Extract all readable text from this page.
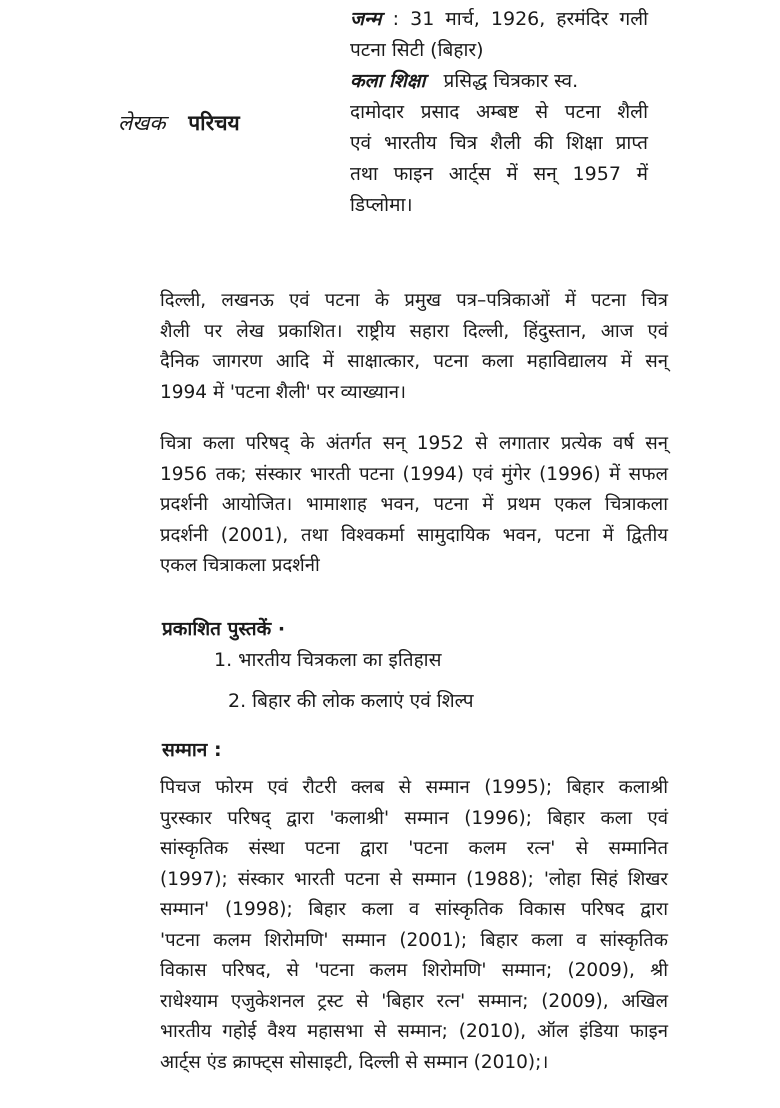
जन्म : 31 मार्च, 1926, हरमंदिर गली
पटना सिटी (बिहार)
कला शिक्षा प्रसिद्ध चित्रकार स्व.
दामोदार प्रसाद अम्बष्ट से पटना शैली
एवं भारतीय चित्र शैली की शिक्षा प्राप्त
तथा फाइन आर्ट्स में सन् 1957 में
डिप्लोमा।
लेखक परिचय
दिल्ली, लखनऊ एवं पटना के प्रमुख पत्र–पत्रिकाओं में पटना चित्र
शैली पर लेख प्रकाशित। राष्ट्रीय सहारा दिल्ली, हिंदुस्तान, आज एवं
दैनिक जागरण आदि में साक्षात्कार, पटना कला महाविद्यालय में सन्
1994 में 'पटना शैली' पर व्याख्यान।
चित्रा कला परिषद् के अंतर्गत सन् 1952 से लगातार प्रत्येक वर्ष सन्
1956 तक; संस्कार भारती पटना (1994) एवं मुंगेर (1996) में सफल
प्रदर्शनी आयोजित। भामाशाह भवन, पटना में प्रथम एकल चित्राकला
प्रदर्शनी (2001), तथा विश्वकर्मा सामुदायिक भवन, पटना में द्वितीय
एकल चित्राकला प्रदर्शनी
प्रकाशित पुस्तकें ·
1. भारतीय चित्रकला का इतिहास
2. बिहार की लोक कलाएं एवं शिल्प
सम्मान :
पिचज फोरम एवं रौटरी क्लब से सम्मान (1995); बिहार कलाश्री
पुरस्कार परिषद् द्वारा 'कलाश्री' सम्मान (1996); बिहार कला एवं
सांस्कृतिक संस्था पटना द्वारा 'पटना कलम रत्न' से सम्मानित
(1997); संस्कार भारती पटना से सम्मान (1988); 'लोहा सिहं शिखर
सम्मान' (1998); बिहार कला व सांस्कृतिक विकास परिषद द्वारा
'पटना कलम शिरोमणि' सम्मान (2001); बिहार कला व सांस्कृतिक
विकास परिषद, से 'पटना कलम शिरोमणि' सम्मान; (2009), श्री
राधेश्याम एजुकेशनल ट्रस्ट से 'बिहार रत्न' सम्मान; (2009), अखिल
भारतीय गहोई वैश्य महासभा से सम्मान; (2010), ऑल इंडिया फाइन
आर्ट्स एंड क्राफ्ट्स सोसाइटी, दिल्ली से सम्मान (2010);।
